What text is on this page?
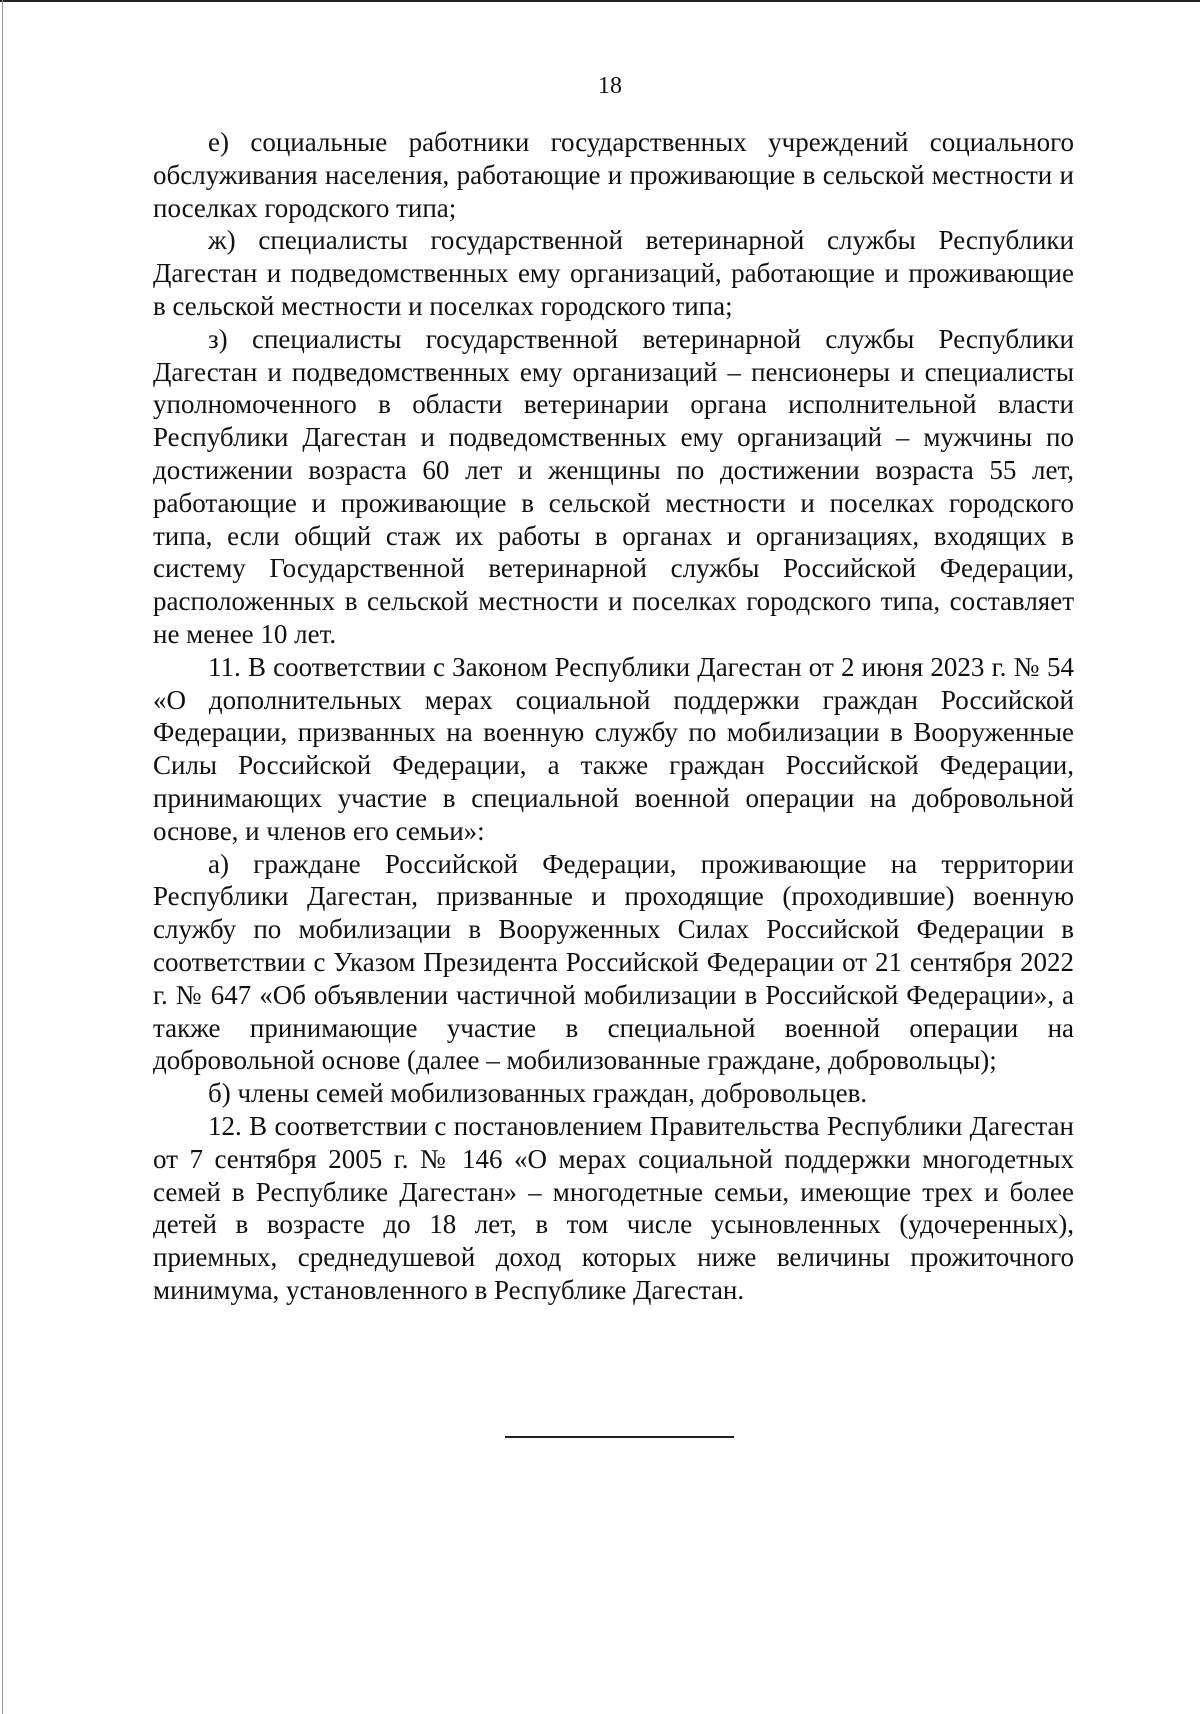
18

е) социальные работники государственных учреждений социального обслуживания населения, работающие и проживающие в сельской местности и поселках городского типа;

ж) специалисты государственной ветеринарной службы Республики Дагестан и подведомственных ему организаций, работающие и проживающие в сельской местности и поселках городского типа;

з) специалисты государственной ветеринарной службы Республики Дагестан и подведомственных ему организаций – пенсионеры и специалисты уполномоченного в области ветеринарии органа исполнительной власти Республики Дагестан и подведомственных ему организаций – мужчины по достижении возраста 60 лет и женщины по достижении возраста 55 лет, работающие и проживающие в сельской местности и поселках городского типа, если общий стаж их работы в органах и организациях, входящих в систему Государственной ветеринарной службы Российской Федерации, расположенных в сельской местности и поселках городского типа, составляет не менее 10 лет.

11. В соответствии с Законом Республики Дагестан от 2 июня 2023 г. № 54 «О дополнительных мерах социальной поддержки граждан Российской Федерации, призванных на военную службу по мобилизации в Вооруженные Силы Российской Федерации, а также граждан Российской Федерации, принимающих участие в специальной военной операции на добровольной основе, и членов его семьи»:

а) граждане Российской Федерации, проживающие на территории Республики Дагестан, призванные и проходящие (проходившие) военную службу по мобилизации в Вооруженных Силах Российской Федерации в соответствии с Указом Президента Российской Федерации от 21 сентября 2022 г. № 647 «Об объявлении частичной мобилизации в Российской Федерации», а также принимающие участие в специальной военной операции на добровольной основе (далее – мобилизованные граждане, добровольцы);

б) члены семей мобилизованных граждан, добровольцев.

12. В соответствии с постановлением Правительства Республики Дагестан от 7 сентября 2005 г. № 146 «О мерах социальной поддержки многодетных семей в Республике Дагестан» – многодетные семьи, имеющие трех и более детей в возрасте до 18 лет, в том числе усыновленных (удочеренных), приемных, среднедушевой доход которых ниже величины прожиточного минимума, установленного в Республике Дагестан.
